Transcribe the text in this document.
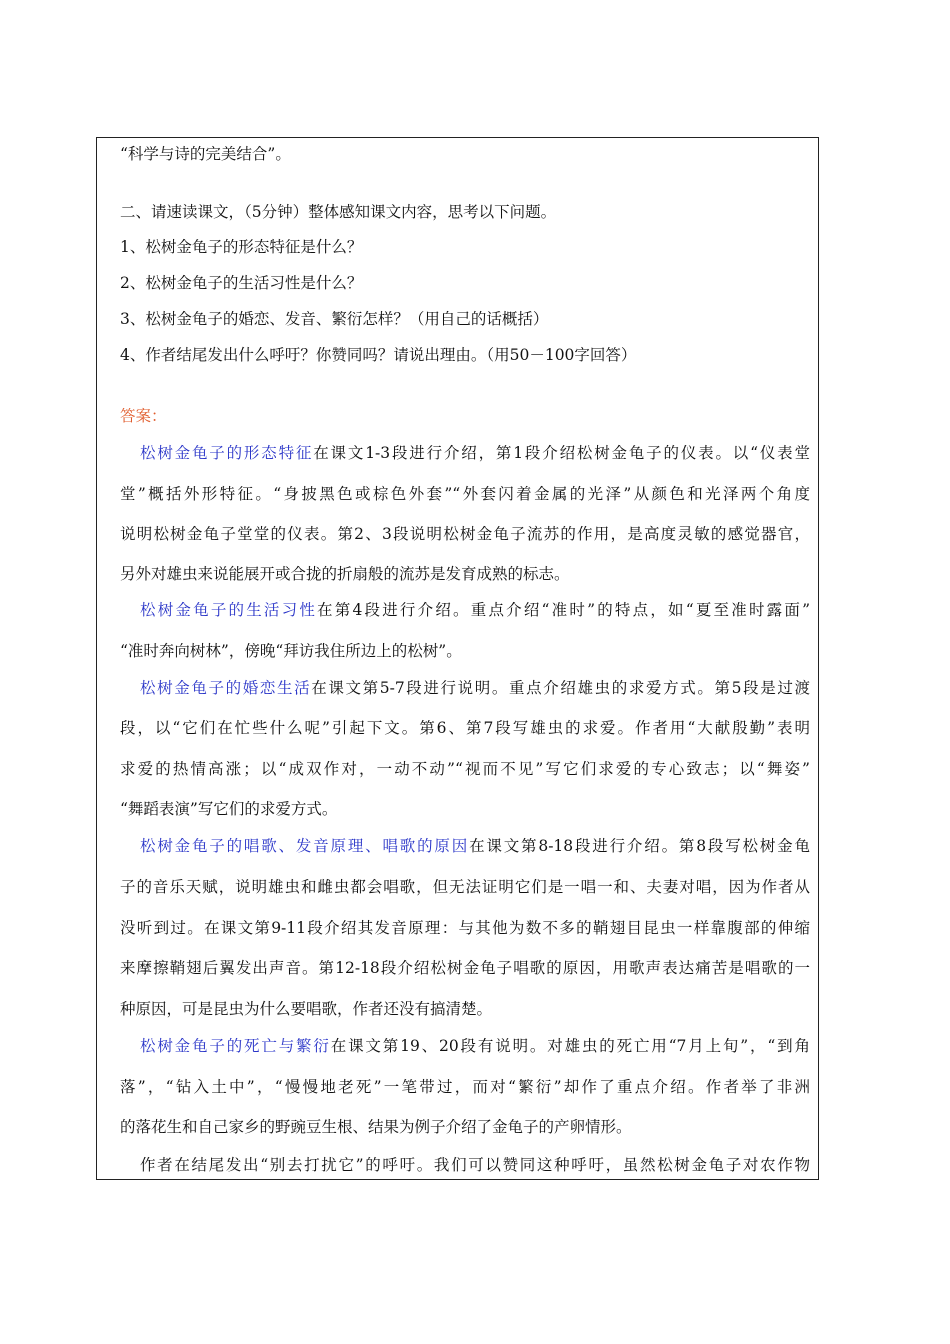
“科学与诗的完美结合”。
二、请速读课文，（5分钟）整体感知课文内容，思考以下问题。
1、松树金龟子的形态特征是什么？
2、松树金龟子的生活习性是什么？
3、松树金龟子的婚恋、发音、繁衍怎样？（用自己的话概括）
4、作者结尾发出什么呼吁？你赞同吗？请说出理由。（用50－100字回答）
答案：
松树金龟子的形态特征在课文1-3段进行介绍，第1段介绍松树金龟子的仪表。以“仪表堂
堂”概括外形特征。“身披黑色或棕色外套”“外套闪着金属的光泽”从颜色和光泽两个角度
说明松树金龟子堂堂的仪表。第2、3段说明松树金龟子流苏的作用，是高度灵敏的感觉器官，
另外对雄虫来说能展开或合拢的折扇般的流苏是发育成熟的标志。
松树金龟子的生活习性在第4段进行介绍。重点介绍“准时”的特点，如“夏至准时露面”
“准时奔向树林”，傍晚“拜访我住所边上的松树”。
松树金龟子的婚恋生活在课文第5-7段进行说明。重点介绍雄虫的求爱方式。第5段是过渡
段，以“它们在忙些什么呢”引起下文。第6、第7段写雄虫的求爱。作者用“大献殷勤”表明
求爱的热情高涨；以“成双作对，一动不动”“视而不见”写它们求爱的专心致志；以“舞姿”
“舞蹈表演”写它们的求爱方式。
松树金龟子的唱歌、发音原理、唱歌的原因在课文第8-18段进行介绍。第8段写松树金龟
子的音乐天赋，说明雄虫和雌虫都会唱歌，但无法证明它们是一唱一和、夫妻对唱，因为作者从
没听到过。在课文第9-11段介绍其发音原理：与其他为数不多的鞘翅目昆虫一样靠腹部的伸缩
来摩擦鞘翅后翼发出声音。第12-18段介绍松树金龟子唱歌的原因，用歌声表达痛苦是唱歌的一
种原因，可是昆虫为什么要唱歌，作者还没有搞清楚。
松树金龟子的死亡与繁衍在课文第19、20段有说明。对雄虫的死亡用“7月上旬”，“到角
落”，“钻入土中”，“慢慢地老死”一笔带过，而对“繁衍”却作了重点介绍。作者举了非洲
的落花生和自己家乡的野豌豆生根、结果为例子介绍了金龟子的产卵情形。
作者在结尾发出“别去打扰它”的呼吁。我们可以赞同这种呼吁，虽然松树金龟子对农作物
